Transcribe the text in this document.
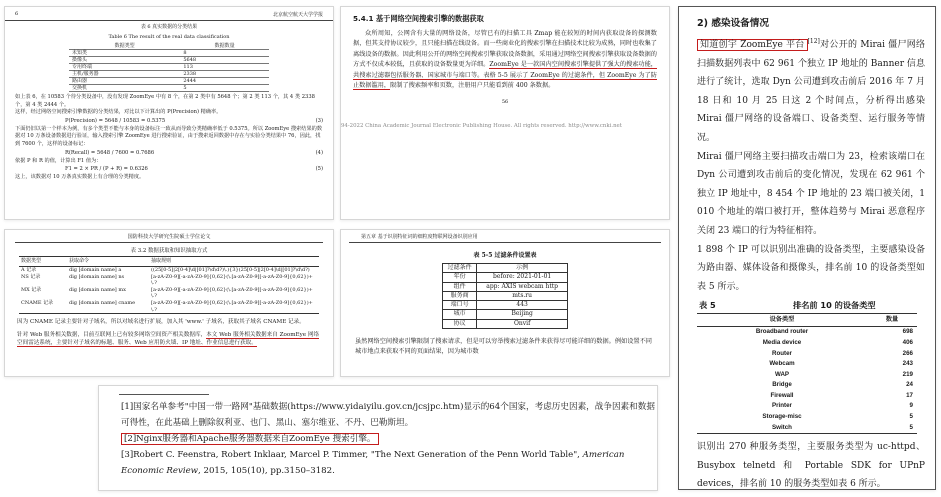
6	北京航空航天大学学报
表 6 真实数据的分类结果
Table 6 The result of the real data classification
数据类型	数据数量
未知类	8
摄像头	5648
专用终端	113
主机/服务器	2338
路由器	2444
交换机	5

如上表 6，在 10583 个待分类设备中，没有发现 ZoomEye 中有 8 个，在第 2 类中有 5648 个；第 2 类 113 个，其 4 类 2338 个，第 4 类 2444 个。

这样，经过网络空间搜索引擎数据的分类结果，对比以下计算出的 P(Precision) 精确率。

P(Precision) = 5648 / 10583 = 0.5375	(3)

下面仍旧以第一个样本为例，有多个类型不能与本身的设备标注一致从而导致分类精确率低于 0.5375。所以 ZoomEye 搜索结果的数据对 10 万条设备数据进行验证，输入搜索引擎 ZoomEye 进行搜索验证，由于搜索返回数据中存在与实验分类结果中 76，因此，找到 7600 个，这样的设备标记：

R(Recall) = 5648 / 7600 = 0.7686	(4)

依据 P 和 R 的值，计算出 F1 值为：

F1 = 2 × PR / (P + R) = 0.6326	(5)

这上，该数据对 10 万条真实数据上有合理的分类精度。

国防科技大学研究生院硕士学位论文
表 3.2 数据获取和知识抽取方式
数据类型	获取命令	抽取规则
A 记录	dig [domain name] a	((25[0-5]|2[0-4]\d|[01]?\d\d?)\.){3}(25[0-5]|2[0-4]\d|[01]?\d\d?)
NS 记录	dig [domain name] ns	[a-zA-Z0-9][-a-zA-Z0-9]{0,62}(\.[a-zA-Z0-9][-a-zA-Z0-9]{0,62})+\.?
MX 记录	dig [domain name] mx	[a-zA-Z0-9][-a-zA-Z0-9]{0,62}(\.[a-zA-Z0-9][-a-zA-Z0-9]{0,62})+\.?
CNAME 记录	dig [domain name] cname	[a-zA-Z0-9][-a-zA-Z0-9]{0,62}(\.[a-zA-Z0-9][-a-zA-Z0-9]{0,62})+\.?

因为 CNAME 记录主要针对子域名，所以对域名进行扩展，加入其 'www.' 子域名，获取其子域名 CNAME 记录。

针对 Web 服务相关数据，目前互联网上已有较多网络空间资产相关数据库，本文 Web 服务相关数据来自 ZoomEye 网络空间雷达系统，主要针对子域名的标题、服务、Web 应用防火墙、IP 地址、作业信息进行获取。

5.4.1 基于网络空间搜索引擎的数据获取

众所周知，公网含有大量的网络设备，尽管已有的扫描工具 Zmap 能在较短的时间内获取设备的探测数据，但其支持协议较少，且只能扫描在线设备。而一些商业化的搜索引擎在扫描技术比较为成熟，同时也收集了离线设备的数据。因此利用公开的网络空间搜索引擎获取设备数据，采用通过网络空间搜索引擎获取设备数据的方式不仅成本较低，且获取的设备数量更为详细。ZoomEye 是一款国内空间搜索引擎提供了强大的搜索功能，共搜索过滤器包括服务器、国家城市与端口等。表格 5-5 展示了 ZoomEye 的过滤条件，但 ZoomEye 为了防止数据滥用，限制了搜索频率和页数，注册用户只能看到前 400 条数据。

56
94-2022 China Academic Journal Electronic Publishing House. All rights reserved. http://www.cnki.net
第五章 基于识别特征词的细粒度物联网设备识别应用
表 5-5 过滤条件设置表
过滤条件	示例
年份	before: 2021-01-01
组件	app: AXIS webcam http
服务商	mts.ru
端口号	443
城市	Beijing
协议	Onvif

虽然网络空间搜索引擎限制了搜索请求，但是可以穷举搜索过滤条件来获得尽可能详细的数据。例如设置不同城市地点来获取不同的页面结果，因为城市数

[1]国家名单参考"中国一带一路网"基础数据(https://www.yidaiyilu.gov.cn/jcsjpc.htm)显示的64个国家，考虑历史因素，战争因素和数据可得性，在此基础上删除叙利亚、也门、黑山、塞尔维亚、不丹、巴勒斯坦。
[2]Nginx服务器和Apache服务器数据来自ZoomEye 搜索引擎。
[3]Robert C. Feenstra, Robert Inklaar, Marcel P. Timmer, "The Next Generation of the Penn World Table", American Economic Review, 2015, 105(10), pp.3150–3182.
2) 感染设备情况

知道创宇 ZoomEye 平台 [12]对公开的 Mirai 僵尸网络扫描数据列表中 62 961 个独立 IP 地址的 Banner 信息进行了统计，选取 Dyn 公司遭到攻击前后 2016 年 7 月 18 日和 10 月 25 日这 2 个时间点，分析得出感染 Mirai 僵尸网络的设备端口、设备类型、运行服务等情况。

Mirai 僵尸网络主要扫描攻击端口为 23，检索该端口在 Dyn 公司遭到攻击前后的变化情况，发现在 62 961 个独立 IP 地址中，8 454 个 IP 地址的 23 端口被关闭，1 010 个地址的端口被打开，整体趋势与 Mirai 恶意程序关闭 23 端口的行为特征相符。

1 898 个 IP 可以识别出准确的设备类型，主要感染设备为路由器、媒体设备和摄像头，排名前 10 的设备类型如表 5 所示。

表 5	排名前 10 的设备类型
设备类型	数量
Broadband router	698
Media device	406
Router	266
Webcam	243
WAP	219
Bridge	24
Firewall	17
Printer	9
Storage-misc	5
Switch	5

识别出 270 种服务类型，主要服务类型为 uc-httpd、Busybox telnetd 和 Portable SDK for UPnP devices，排名前 10 的服务类型如表 6 所示。
